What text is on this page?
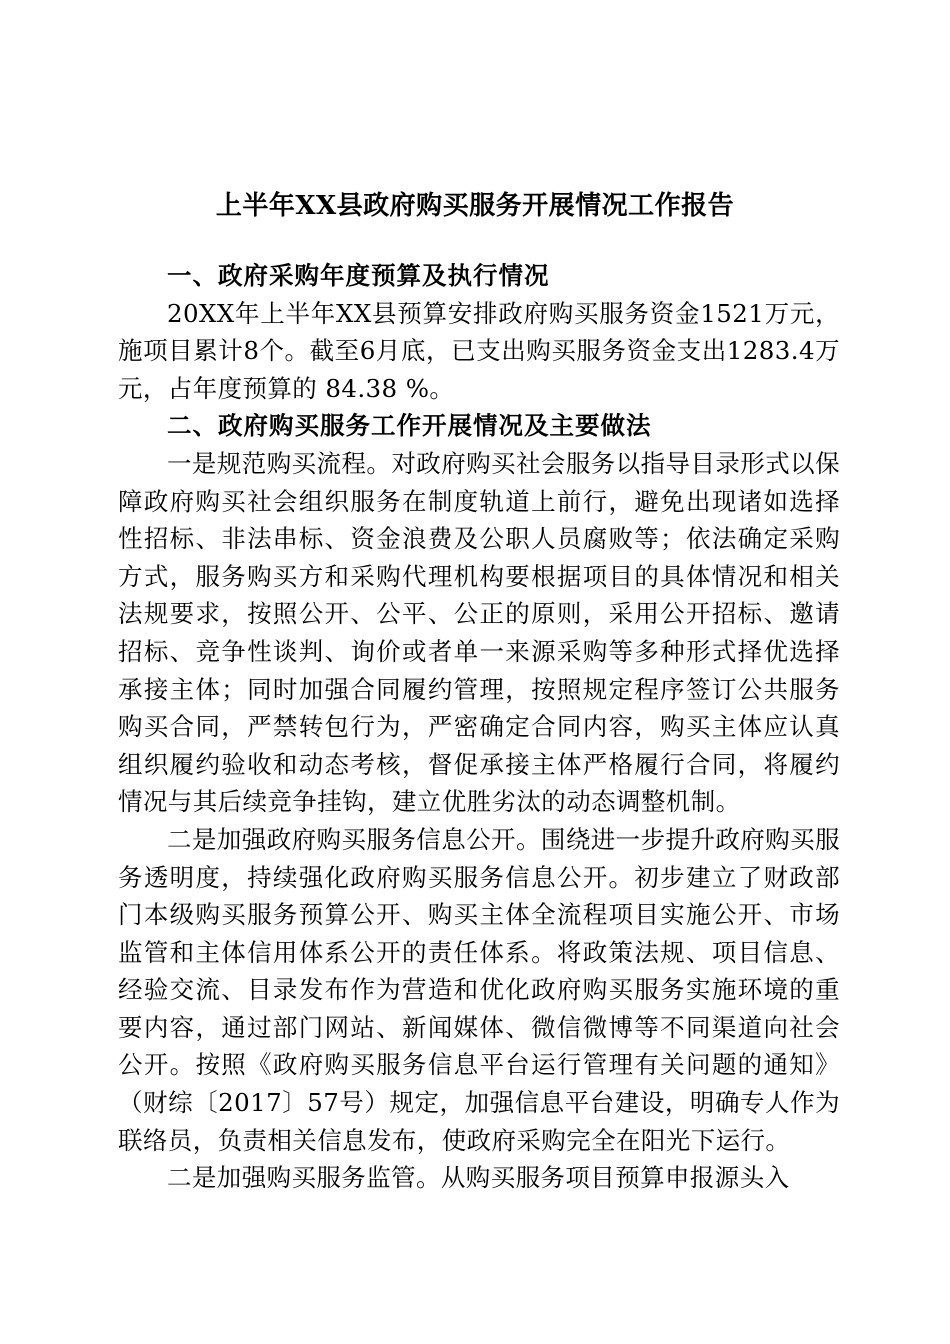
上半年XX县政府购买服务开展情况工作报告

一、政府采购年度预算及执行情况

20XX年上半年XX县预算安排政府购买服务资金1521万元，施项目累计8个。截至6月底，已支出购买服务资金支出1283.4万元，占年度预算的 84.38 %。

二、政府购买服务工作开展情况及主要做法

一是规范购买流程。对政府购买社会服务以指导目录形式以保障政府购买社会组织服务在制度轨道上前行，避免出现诸如选择性招标、非法串标、资金浪费及公职人员腐败等；依法确定采购方式，服务购买方和采购代理机构要根据项目的具体情况和相关法规要求，按照公开、公平、公正的原则，采用公开招标、邀请招标、竞争性谈判、询价或者单一来源采购等多种形式择优选择承接主体；同时加强合同履约管理，按照规定程序签订公共服务购买合同，严禁转包行为，严密确定合同内容，购买主体应认真组织履约验收和动态考核，督促承接主体严格履行合同，将履约情况与其后续竞争挂钩，建立优胜劣汰的动态调整机制。

二是加强政府购买服务信息公开。围绕进一步提升政府购买服务透明度，持续强化政府购买服务信息公开。初步建立了财政部门本级购买服务预算公开、购买主体全流程项目实施公开、市场监管和主体信用体系公开的责任体系。将政策法规、项目信息、经验交流、目录发布作为营造和优化政府购买服务实施环境的重要内容，通过部门网站、新闻媒体、微信微博等不同渠道向社会公开。按照《政府购买服务信息平台运行管理有关问题的通知》（财综〔2017〕57号）规定，加强信息平台建设，明确专人作为联络员，负责相关信息发布，使政府采购完全在阳光下运行。

二是加强购买服务监管。从购买服务项目预算申报源头入
